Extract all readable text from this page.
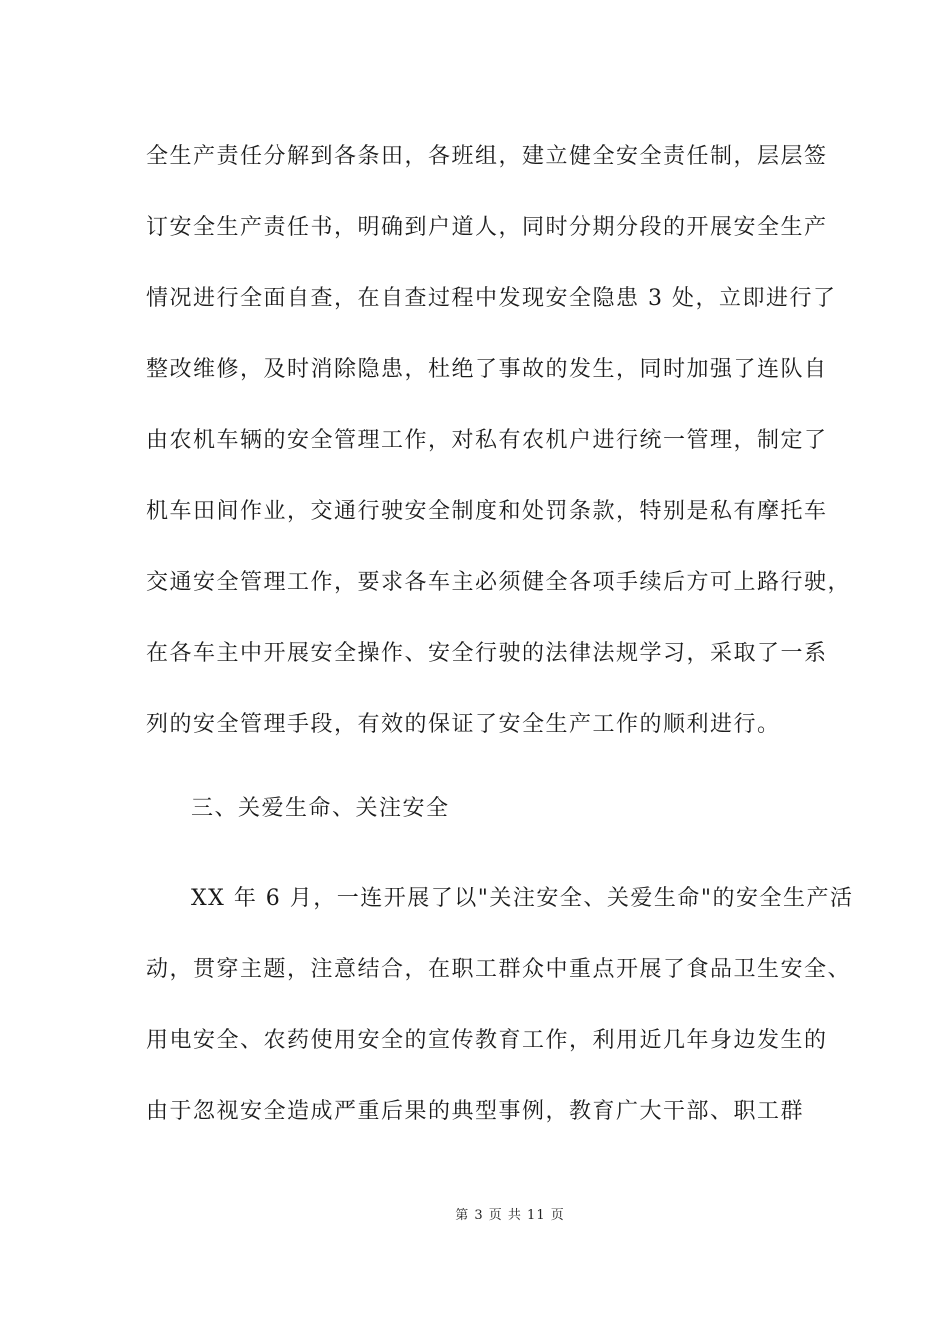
全生产责任分解到各条田，各班组，建立健全安全责任制，层层签
订安全生产责任书，明确到户道人，同时分期分段的开展安全生产
情况进行全面自查，在自查过程中发现安全隐患 3 处，立即进行了
整改维修，及时消除隐患，杜绝了事故的发生，同时加强了连队自
由农机车辆的安全管理工作，对私有农机户进行统一管理，制定了
机车田间作业，交通行驶安全制度和处罚条款，特别是私有摩托车
交通安全管理工作，要求各车主必须健全各项手续后方可上路行驶，
在各车主中开展安全操作、安全行驶的法律法规学习，采取了一系
列的安全管理手段，有效的保证了安全生产工作的顺利进行。
三、关爱生命、关注安全
XX 年 6 月，一连开展了以"关注安全、关爱生命"的安全生产活
动，贯穿主题，注意结合，在职工群众中重点开展了食品卫生安全、
用电安全、农药使用安全的宣传教育工作，利用近几年身边发生的
由于忽视安全造成严重后果的典型事例，教育广大干部、职工群
第 3 页 共 11 页
